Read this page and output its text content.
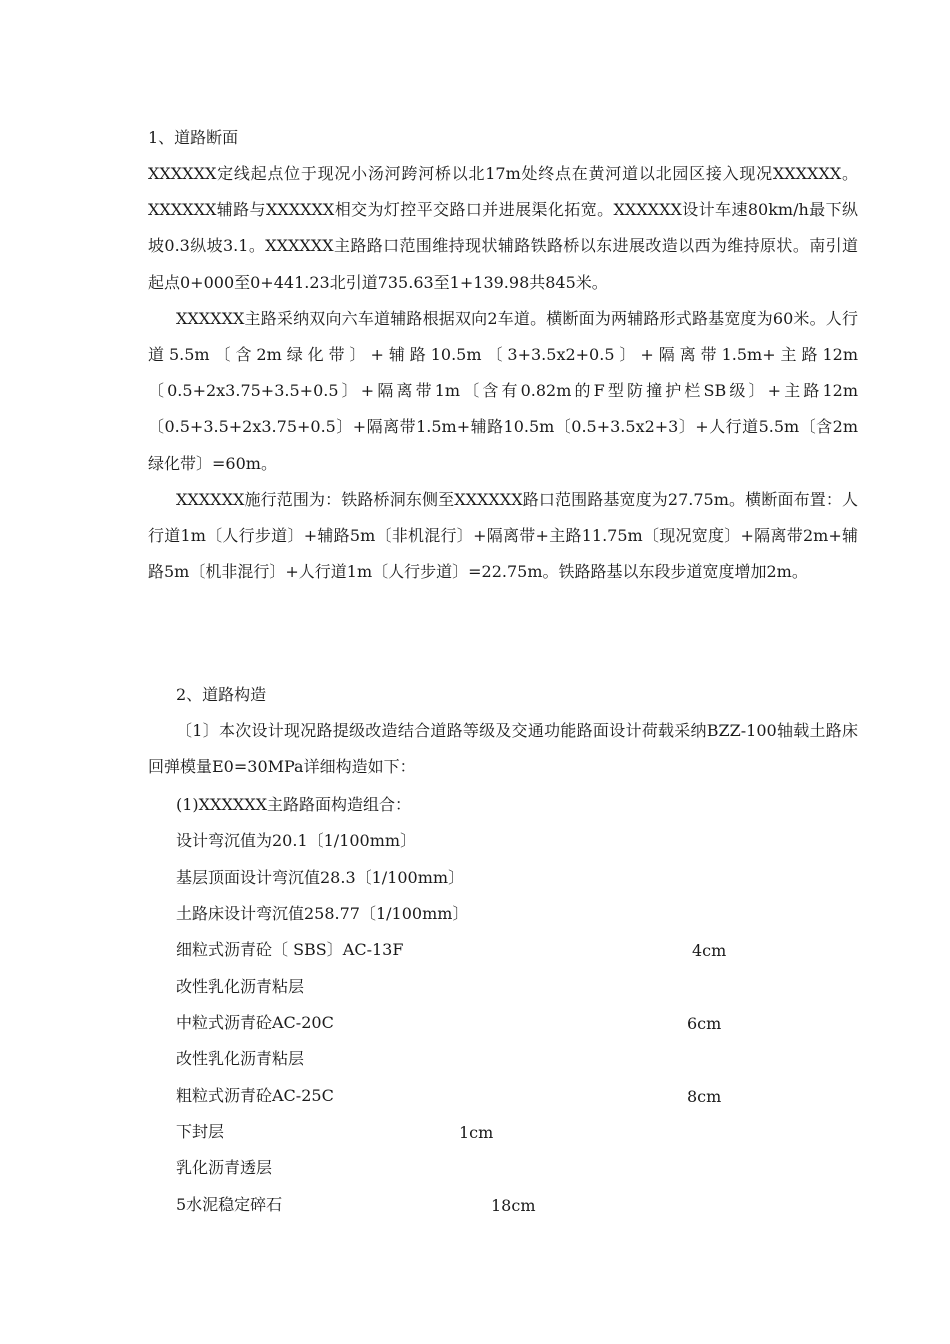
1、道路断面

XXXXXX定线起点位于现况小汤河跨河桥以北17m处终点在黄河道以北园区接入现况XXXXXX。XXXXXX辅路与XXXXXX相交为灯控平交路口并进展渠化拓宽。XXXXXX设计车速80km/h最下纵坡0.3纵坡3.1。XXXXXX主路路口范围维持现状辅路铁路桥以东进展改造以西为维持原状。南引道起点0+000至0+441.23北引道735.63至1+139.98共845米。

XXXXXX主路采纳双向六车道辅路根据双向2车道。横断面为两辅路形式路基宽度为60米。人行道5.5m〔含2m绿化带〕+辅路10.5m〔3+3.5x2+0.5〕+隔离带1.5m+主路12m〔0.5+2x3.75+3.5+0.5〕+隔离带1m〔含有0.82m的F型防撞护栏SB级〕+主路12m〔0.5+3.5+2x3.75+0.5〕+隔离带1.5m+辅路10.5m〔0.5+3.5x2+3〕+人行道5.5m〔含2m绿化带〕=60m。

XXXXXX施行范围为：铁路桥洞东侧至XXXXXX路口范围路基宽度为27.75m。横断面布置：人行道1m〔人行步道〕+辅路5m〔非机混行〕+隔离带+主路11.75m〔现况宽度〕+隔离带2m+辅路5m〔机非混行〕+人行道1m〔人行步道〕=22.75m。铁路路基以东段步道宽度增加2m。

2、道路构造
〔1〕本次设计现况路提级改造结合道路等级及交通功能路面设计荷载采纳BZZ-100轴载土路床回弹模量E0=30MPa详细构造如下：
(1)XXXXXX主路路面构造组合：
设计弯沉值为20.1〔1/100mm〕
基层顶面设计弯沉值28.3〔1/100mm〕
土路床设计弯沉值258.77〔1/100mm〕
细粒式沥青砼〔 SBS〕AC-13F	4cm
改性乳化沥青粘层
中粒式沥青砼AC-20C	6cm
改性乳化沥青粘层
粗粒式沥青砼AC-25C	8cm
下封层	1cm
乳化沥青透层
5水泥稳定碎石	18cm
